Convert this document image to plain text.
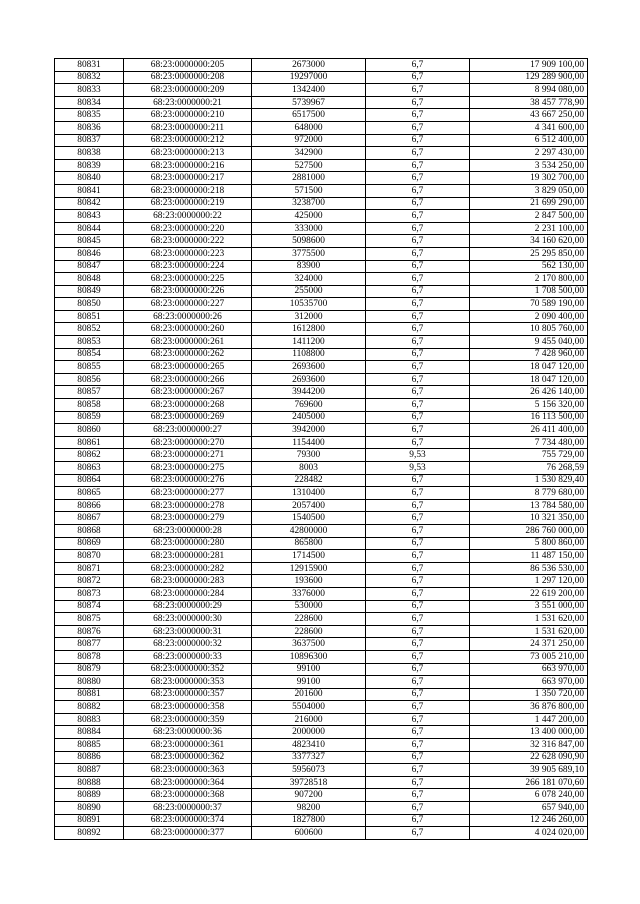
80831	68:23:0000000:205	2673000	6,7	17 909 100,00
80832	68:23:0000000:208	19297000	6,7	129 289 900,00
80833	68:23:0000000:209	1342400	6,7	8 994 080,00
80834	68:23:0000000:21	5739967	6,7	38 457 778,90
80835	68:23:0000000:210	6517500	6,7	43 667 250,00
80836	68:23:0000000:211	648000	6,7	4 341 600,00
80837	68:23:0000000:212	972000	6,7	6 512 400,00
80838	68:23:0000000:213	342900	6,7	2 297 430,00
80839	68:23:0000000:216	527500	6,7	3 534 250,00
80840	68:23:0000000:217	2881000	6,7	19 302 700,00
80841	68:23:0000000:218	571500	6,7	3 829 050,00
80842	68:23:0000000:219	3238700	6,7	21 699 290,00
80843	68:23:0000000:22	425000	6,7	2 847 500,00
80844	68:23:0000000:220	333000	6,7	2 231 100,00
80845	68:23:0000000:222	5098600	6,7	34 160 620,00
80846	68:23:0000000:223	3775500	6,7	25 295 850,00
80847	68:23:0000000:224	83900	6,7	562 130,00
80848	68:23:0000000:225	324000	6,7	2 170 800,00
80849	68:23:0000000:226	255000	6,7	1 708 500,00
80850	68:23:0000000:227	10535700	6,7	70 589 190,00
80851	68:23:0000000:26	312000	6,7	2 090 400,00
80852	68:23:0000000:260	1612800	6,7	10 805 760,00
80853	68:23:0000000:261	1411200	6,7	9 455 040,00
80854	68:23:0000000:262	1108800	6,7	7 428 960,00
80855	68:23:0000000:265	2693600	6,7	18 047 120,00
80856	68:23:0000000:266	2693600	6,7	18 047 120,00
80857	68:23:0000000:267	3944200	6,7	26 426 140,00
80858	68:23:0000000:268	769600	6,7	5 156 320,00
80859	68:23:0000000:269	2405000	6,7	16 113 500,00
80860	68:23:0000000:27	3942000	6,7	26 411 400,00
80861	68:23:0000000:270	1154400	6,7	7 734 480,00
80862	68:23:0000000:271	79300	9,53	755 729,00
80863	68:23:0000000:275	8003	9,53	76 268,59
80864	68:23:0000000:276	228482	6,7	1 530 829,40
80865	68:23:0000000:277	1310400	6,7	8 779 680,00
80866	68:23:0000000:278	2057400	6,7	13 784 580,00
80867	68:23:0000000:279	1540500	6,7	10 321 350,00
80868	68:23:0000000:28	42800000	6,7	286 760 000,00
80869	68:23:0000000:280	865800	6,7	5 800 860,00
80870	68:23:0000000:281	1714500	6,7	11 487 150,00
80871	68:23:0000000:282	12915900	6,7	86 536 530,00
80872	68:23:0000000:283	193600	6,7	1 297 120,00
80873	68:23:0000000:284	3376000	6,7	22 619 200,00
80874	68:23:0000000:29	530000	6,7	3 551 000,00
80875	68:23:0000000:30	228600	6,7	1 531 620,00
80876	68:23:0000000:31	228600	6,7	1 531 620,00
80877	68:23:0000000:32	3637500	6,7	24 371 250,00
80878	68:23:0000000:33	10896300	6,7	73 005 210,00
80879	68:23:0000000:352	99100	6,7	663 970,00
80880	68:23:0000000:353	99100	6,7	663 970,00
80881	68:23:0000000:357	201600	6,7	1 350 720,00
80882	68:23:0000000:358	5504000	6,7	36 876 800,00
80883	68:23:0000000:359	216000	6,7	1 447 200,00
80884	68:23:0000000:36	2000000	6,7	13 400 000,00
80885	68:23:0000000:361	4823410	6,7	32 316 847,00
80886	68:23:0000000:362	3377327	6,7	22 628 090,90
80887	68:23:0000000:363	5956073	6,7	39 905 689,10
80888	68:23:0000000:364	39728518	6,7	266 181 070,60
80889	68:23:0000000:368	907200	6,7	6 078 240,00
80890	68:23:0000000:37	98200	6,7	657 940,00
80891	68:23:0000000:374	1827800	6,7	12 246 260,00
80892	68:23:0000000:377	600600	6,7	4 024 020,00
